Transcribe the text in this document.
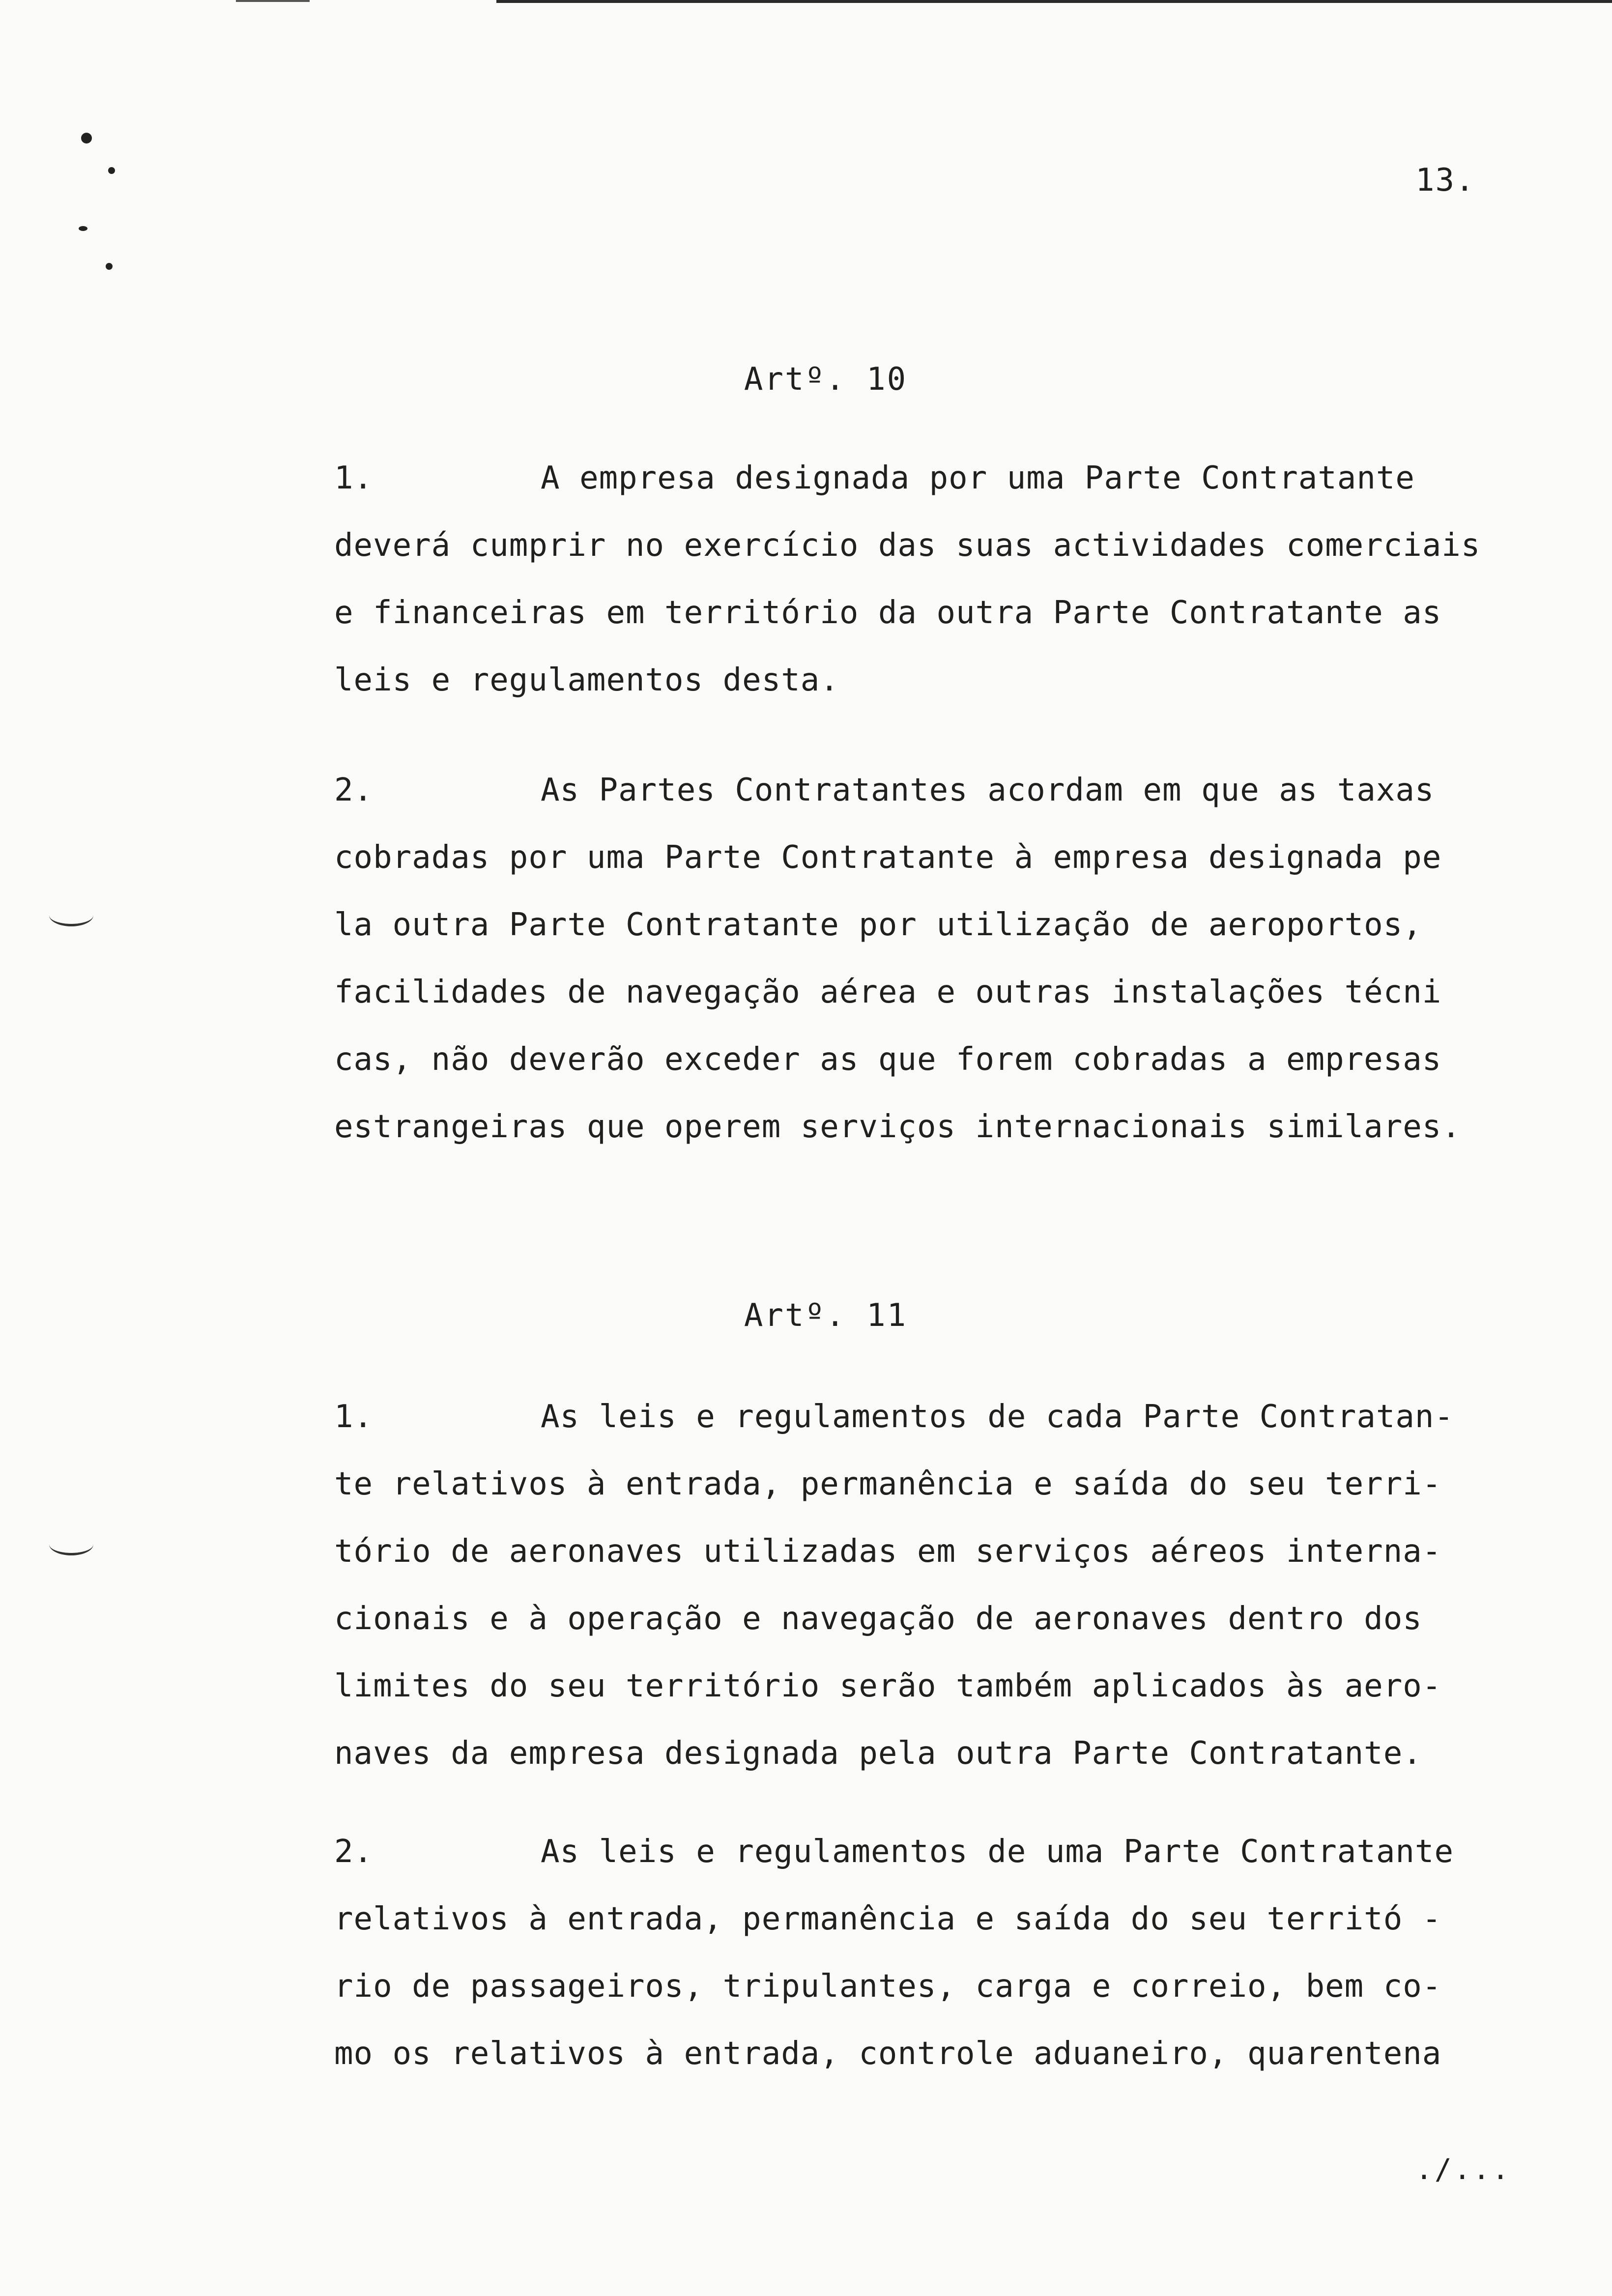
13.
Artº. 10
1.	A empresa designada por uma Parte Contratante
deverá cumprir no exercício das suas actividades comerciais
e financeiras em território da outra Parte Contratante as
leis e regulamentos desta.
2.	As Partes Contratantes acordam em que as taxas
cobradas por uma Parte Contratante à empresa designada pe
la outra Parte Contratante por utilização de aeroportos,
facilidades de navegação aérea e outras instalações técni
cas, não deverão exceder as que forem cobradas a empresas
estrangeiras que operem serviços internacionais similares.
Artº. 11
1.	As leis e regulamentos de cada Parte Contratan-
te relativos à entrada, permanência e saída do seu terri-
tório de aeronaves utilizadas em serviços aéreos interna-
cionais e à operação e navegação de aeronaves dentro dos
limites do seu território serão também aplicados às aero-
naves da empresa designada pela outra Parte Contratante.
2.	As leis e regulamentos de uma Parte Contratante
relativos à entrada, permanência e saída do seu territó -
rio de passageiros, tripulantes, carga e correio, bem co-
mo os relativos à entrada, controle aduaneiro, quarentena
./...
